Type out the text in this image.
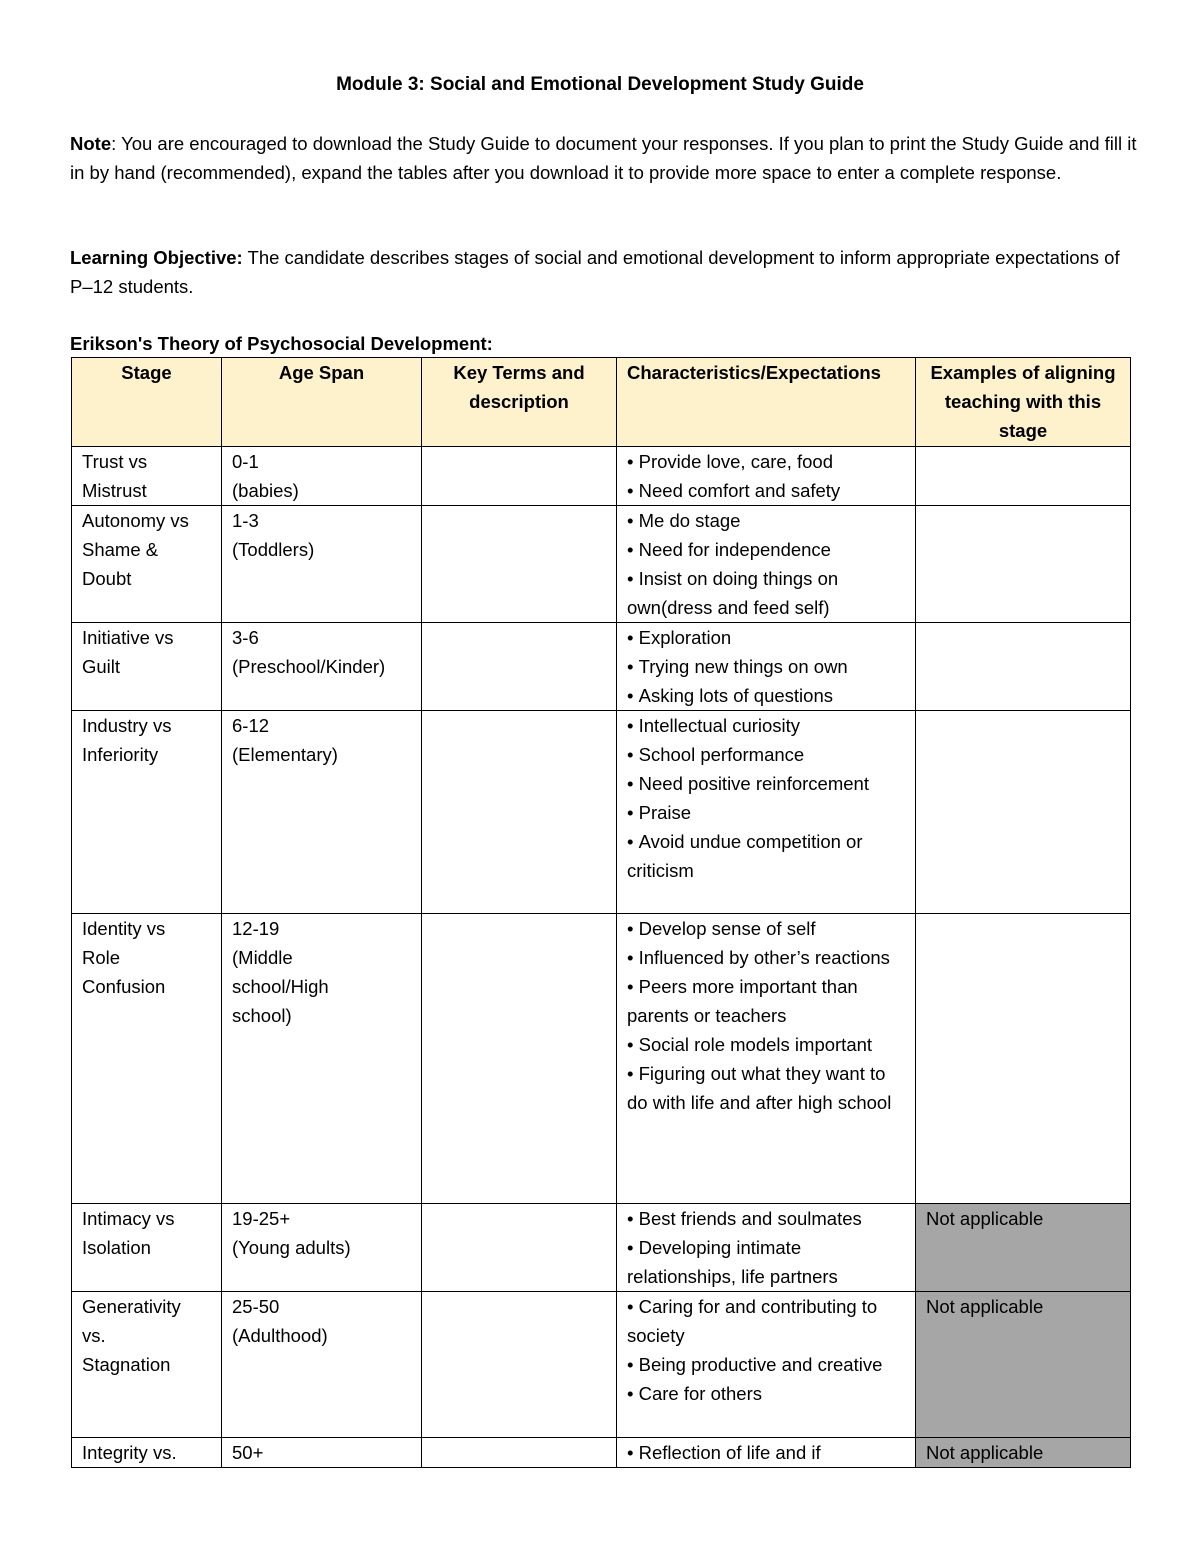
Module 3: Social and Emotional Development Study Guide
Note: You are encouraged to download the Study Guide to document your responses. If you plan to print the Study Guide and fill it in by hand (recommended), expand the tables after you download it to provide more space to enter a complete response.
Learning Objective: The candidate describes stages of social and emotional development to inform appropriate expectations of P–12 students.
Erikson's Theory of Psychosocial Development:
Stage	Age Span	Key Terms and description	Characteristics/Expectations	Examples of aligning teaching with this stage

Trust vs
Mistrust	0-1
(babies)		• Provide love, care, food
• Need comfort and safety

Autonomy vs
Shame &
Doubt	1-3
(Toddlers)		• Me do stage
• Need for independence
• Insist on doing things on own(dress and feed self)

Initiative vs
Guilt	3-6
(Preschool/Kinder)		• Exploration
• Trying new things on own
• Asking lots of questions

Industry vs
Inferiority	6-12
(Elementary)		• Intellectual curiosity
• School performance
• Need positive reinforcement
• Praise
• Avoid undue competition or criticism

Identity vs
Role
Confusion	12-19
(Middle
school/High
school)		• Develop sense of self
• Influenced by other’s reactions
• Peers more important than parents or teachers
• Social role models important
• Figuring out what they want to do with life and after high school

Intimacy vs
Isolation	19-25+
(Young adults)		• Best friends and soulmates
• Developing intimate relationships, life partners	Not applicable

Generativity
vs.
Stagnation	25-50
(Adulthood)		• Caring for and contributing to society
• Being productive and creative
• Care for others	Not applicable

Integrity vs.	50+		• Reflection of life and if	Not applicable
